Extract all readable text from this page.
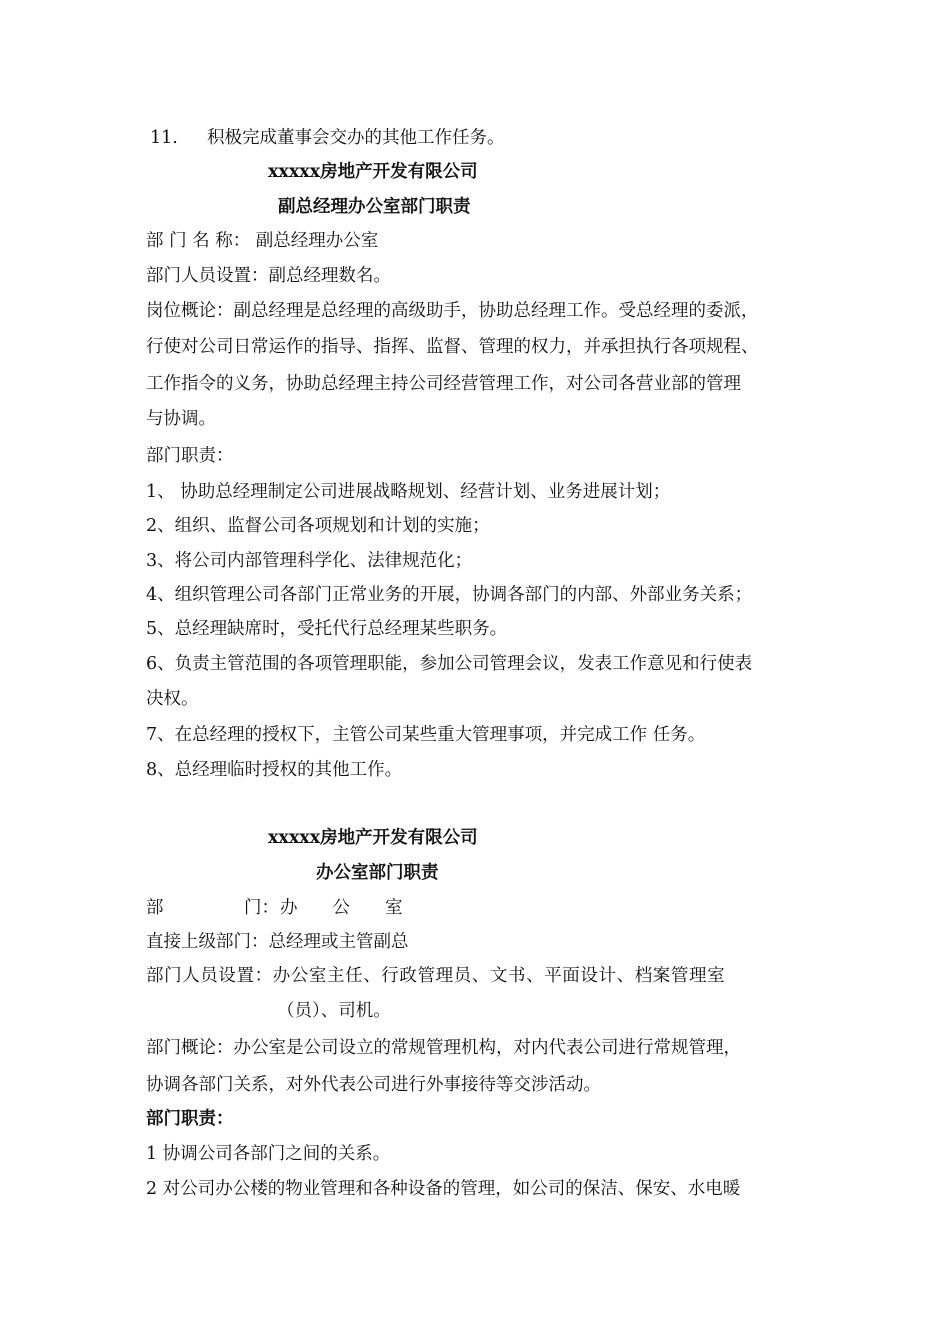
11. 积极完成董事会交办的其他工作任务。
xxxxx房地产开发有限公司
副总经理办公室部门职责
部 门 名 称： 副总经理办公室
部门人员设置：副总经理数名。
岗位概论：副总经理是总经理的高级助手，协助总经理工作。受总经理的委派，
行使对公司日常运作的指导、指挥、监督、管理的权力，并承担执行各项规程、
工作指令的义务，协助总经理主持公司经营管理工作，对公司各营业部的管理
与协调。
部门职责：
1、 协助总经理制定公司进展战略规划、经营计划、业务进展计划；
2、组织、监督公司各项规划和计划的实施；
3、将公司内部管理科学化、法律规范化；
4、组织管理公司各部门正常业务的开展，协调各部门的内部、外部业务关系；
5、总经理缺席时，受托代行总经理某些职务。
6、负责主管范围的各项管理职能，参加公司管理会议，发表工作意见和行使表
决权。
7、在总经理的授权下，主管公司某些重大管理事项，并完成工作 任务。
8、总经理临时授权的其他工作。
xxxxx房地产开发有限公司
办公室部门职责
部	门： 办　　公　　室
直接上级部门：总经理或主管副总
部门人员设置：办公室主任、行政管理员、文书、平面设计、档案管理室
（员）、司机。
部门概论：办公室是公司设立的常规管理机构，对内代表公司进行常规管理，
协调各部门关系，对外代表公司进行外事接待等交涉活动。
部门职责：
1 协调公司各部门之间的关系。
2 对公司办公楼的物业管理和各种设备的管理，如公司的保洁、保安、水电暖
